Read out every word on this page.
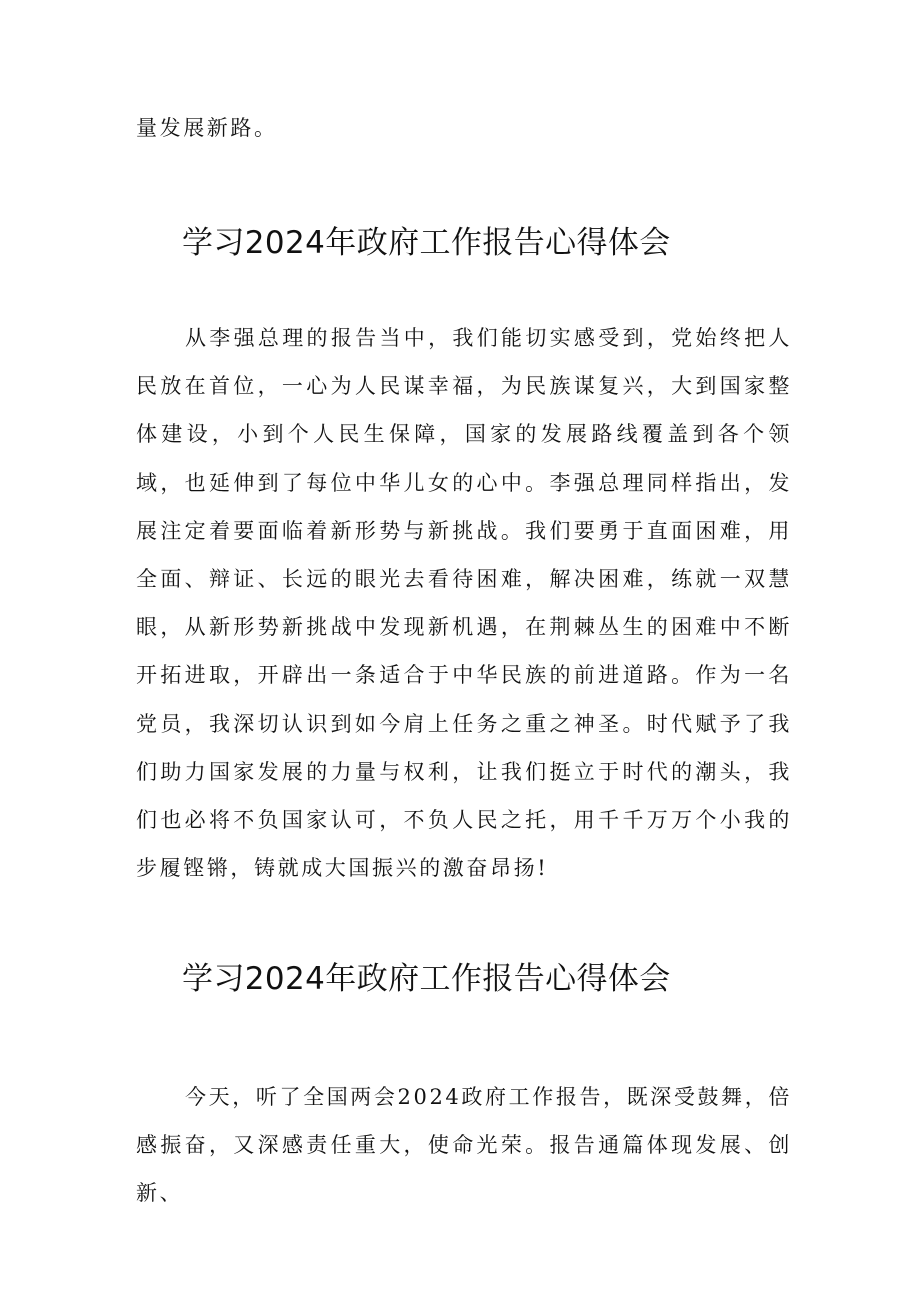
量发展新路。

学习2024年政府工作报告心得体会

从李强总理的报告当中，我们能切实感受到，党始终把人民放在首位，一心为人民谋幸福，为民族谋复兴，大到国家整体建设，小到个人民生保障，国家的发展路线覆盖到各个领域，也延伸到了每位中华儿女的心中。李强总理同样指出，发展注定着要面临着新形势与新挑战。我们要勇于直面困难，用全面、辩证、长远的眼光去看待困难，解决困难，练就一双慧眼，从新形势新挑战中发现新机遇，在荆棘丛生的困难中不断开拓进取，开辟出一条适合于中华民族的前进道路。作为一名党员，我深切认识到如今肩上任务之重之神圣。时代赋予了我们助力国家发展的力量与权利，让我们挺立于时代的潮头，我们也必将不负国家认可，不负人民之托，用千千万万个小我的步履铿锵，铸就成大国振兴的激奋昂扬!

学习2024年政府工作报告心得体会

今天，听了全国两会2024政府工作报告，既深受鼓舞，倍感振奋，又深感责任重大，使命光荣。报告通篇体现发展、创新、
